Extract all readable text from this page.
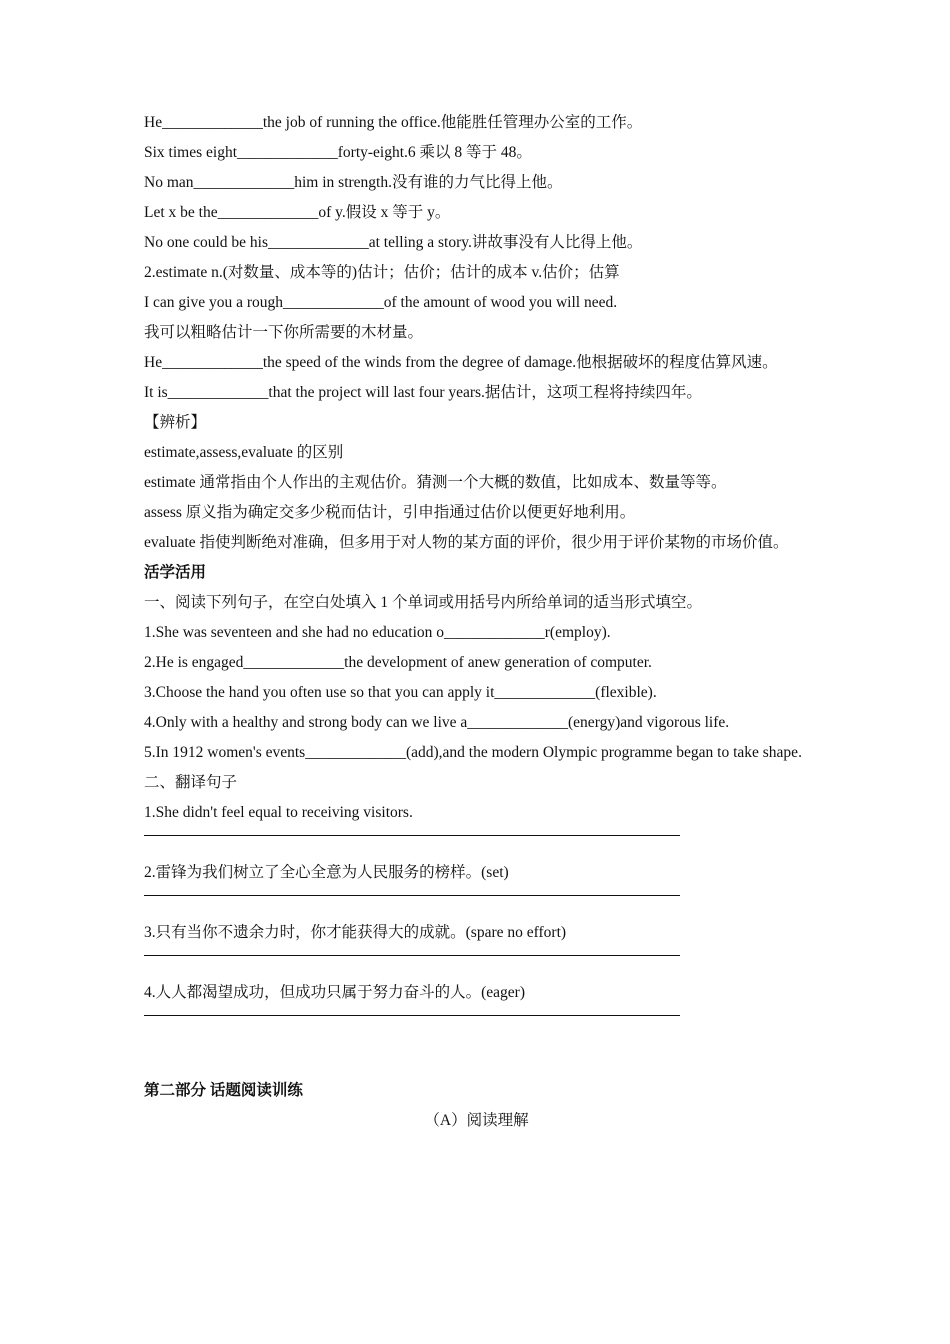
He_____________the job of running the office.他能胜任管理办公室的工作。

Six times eight_____________forty-eight.6 乘以 8 等于 48。

No man_____________him in strength.没有谁的力气比得上他。

Let x be the_____________of y.假设 x 等于 y。

No one could be his_____________at telling a story.讲故事没有人比得上他。

2.estimate n.(对数量、成本等的)估计；估价；估计的成本 v.估价；估算

I can give you a rough_____________of the amount of wood you will need.

我可以粗略估计一下你所需要的木材量。

He_____________the speed of the winds from the degree of damage.他根据破坏的程度估算风速。

It is_____________that the project will last four years.据估计，这项工程将持续四年。

【辨析】

estimate,assess,evaluate 的区别

estimate 通常指由个人作出的主观估价。猜测一个大概的数值，比如成本、数量等等。

assess 原义指为确定交多少税而估计，引申指通过估价以便更好地利用。

evaluate 指使判断绝对准确，但多用于对人物的某方面的评价，很少用于评价某物的市场价值。

活学活用

一、阅读下列句子，在空白处填入 1 个单词或用括号内所给单词的适当形式填空。

1.She was seventeen and she had no education o_____________r(employ).

2.He is engaged_____________the development of anew generation of computer.

3.Choose the hand you often use so that you can apply it_____________(flexible).

4.Only with a healthy and strong body can we live a_____________(energy)and vigorous life.

5.In 1912 women's events_____________(add),and the modern Olympic programme began to take shape.

二、翻译句子

1.She didn't feel equal to receiving visitors.

2.雷锋为我们树立了全心全意为人民服务的榜样。(set)

3.只有当你不遗余力时，你才能获得大的成就。(spare no effort)

4.人人都渴望成功，但成功只属于努力奋斗的人。(eager)

第二部分 话题阅读训练

（A）阅读理解
